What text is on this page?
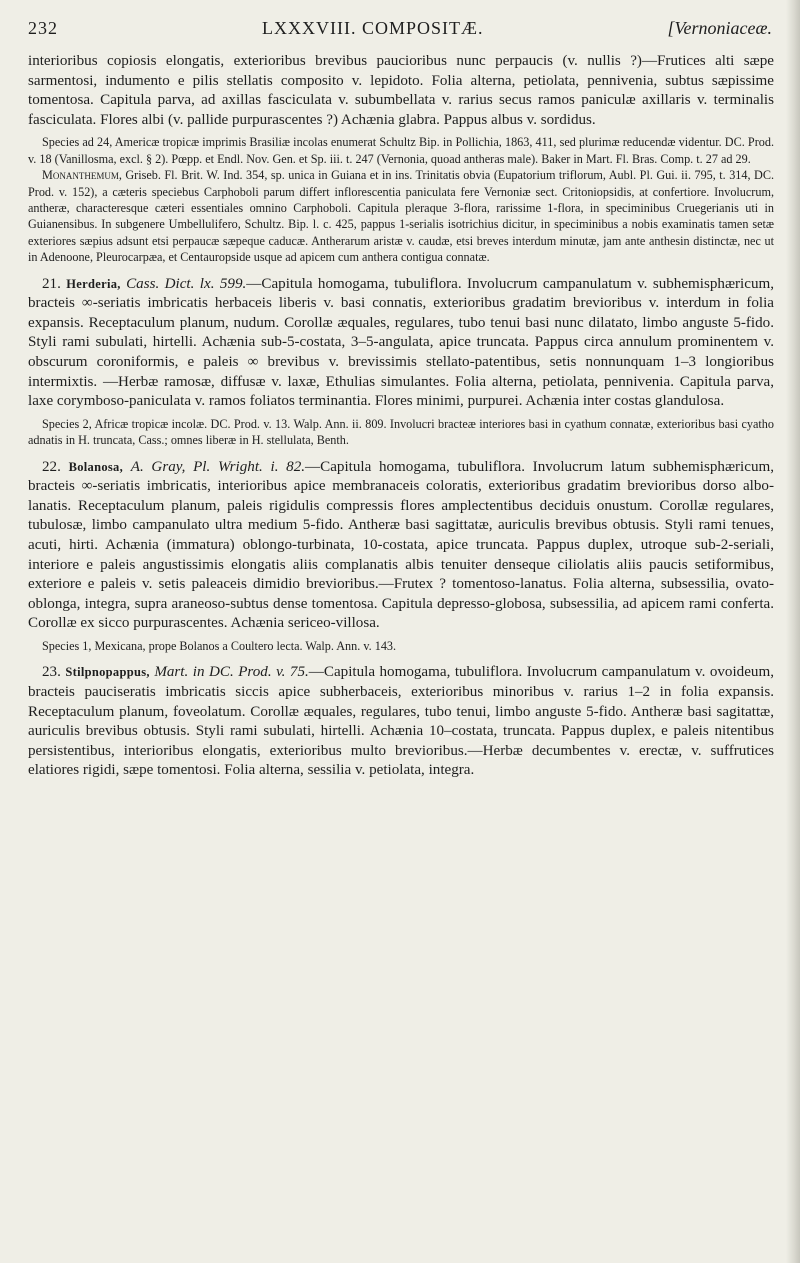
232	LXXXVIII. COMPOSITÆ.	[Vernoniaceæ.

interioribus copiosis elongatis, exterioribus brevibus paucioribus nunc perpaucis (v. nullis ?)—Frutices alti sæpe sarmentosi, indumento e pilis stellatis composito v. lepidoto. Folia alterna, petiolata, pennivenia, subtus sæpissime tomentosa. Capitula parva, ad axillas fasciculata v. subumbellata v. rarius secus ramos paniculæ axillaris v. terminalis fasciculata. Flores albi (v. pallide purpurascentes ?) Achænia glabra. Pappus albus v. sordidus.

Species ad 24, Americæ tropicæ imprimis Brasiliæ incolas enumerat Schultz Bip. in Pollichia, 1863, 411, sed plurimæ reducendæ videntur. DC. Prod. v. 18 (Vanillosma, excl. § 2). Pœpp. et Endl. Nov. Gen. et Sp. iii. t. 247 (Vernonia, quoad antheras male). Baker in Mart. Fl. Bras. Comp. t. 27 ad 29.

Monanthemum, Griseb. Fl. Brit. W. Ind. 354, sp. unica in Guiana et in ins. Trinitatis obvia (Eupatorium triflorum, Aubl. Pl. Gui. ii. 795, t. 314, DC. Prod. v. 152), a cæteris speciebus Carphoboli parum differt inflorescentia paniculata fere Vernoniæ sect. Critoniopsidis, at confertiore. Involucrum, antheræ, characteresque cæteri essentiales omnino Carphoboli. Capitula pleraque 3-flora, rarissime 1-flora, in speciminibus Cruegerianis uti in Guianensibus. In subgenere Umbellulifero, Schultz. Bip. l. c. 425, pappus 1-serialis isotrichius dicitur, in speciminibus a nobis examinatis tamen setæ exteriores sæpius adsunt etsi perpaucæ sæpeque caducæ. Antherarum aristæ v. caudæ, etsi breves interdum minutæ, jam ante anthesin distinctæ, nec ut in Adenoone, Pleurocarpæa, et Centauropside usque ad apicem cum anthera contigua connatæ.

21. Herderia, Cass. Dict. lx. 599.—Capitula homogama, tubuliflora. Involucrum campanulatum v. subhemisphæricum, bracteis ∞-seriatis imbricatis herbaceis liberis v. basi connatis, exterioribus gradatim brevioribus v. interdum in folia expansis. Receptaculum planum, nudum. Corollæ æquales, regulares, tubo tenui basi nunc dilatato, limbo anguste 5-fido. Styli rami subulati, hirtelli. Achænia sub-5-costata, 3–5-angulata, apice truncata. Pappus circa annulum prominentem v. obscurum coroniformis, e paleis ∞ brevibus v. brevissimis stellato-patentibus, setis nonnunquam 1–3 longioribus intermixtis. —Herbæ ramosæ, diffusæ v. laxæ, Ethulias simulantes. Folia alterna, petiolata, pennivenia. Capitula parva, laxe corymboso-paniculata v. ramos foliatos terminantia. Flores minimi, purpurei. Achænia inter costas glandulosa.

Species 2, Africæ tropicæ incolæ. DC. Prod. v. 13. Walp. Ann. ii. 809. Involucri bracteæ interiores basi in cyathum connatæ, exterioribus basi cyatho adnatis in H. truncata, Cass.; omnes liberæ in H. stellulata, Benth.

22. Bolanosa, A. Gray, Pl. Wright. i. 82.—Capitula homogama, tubuliflora. Involucrum latum subhemisphæricum, bracteis ∞-seriatis imbricatis, interioribus apice membranaceis coloratis, exterioribus gradatim brevioribus dorso albo-lanatis. Receptaculum planum, paleis rigidulis compressis flores amplectentibus deciduis onustum. Corollæ regulares, tubulosæ, limbo campanulato ultra medium 5-fido. Antheræ basi sagittatæ, auriculis brevibus obtusis. Styli rami tenues, acuti, hirti. Achænia (immatura) oblongo-turbinata, 10-costata, apice truncata. Pappus duplex, utroque sub-2-seriali, interiore e paleis angustissimis elongatis aliis complanatis albis tenuiter denseque ciliolatis aliis paucis setiformibus, exteriore e paleis v. setis paleaceis dimidio brevioribus.—Frutex ? tomentoso-lanatus. Folia alterna, subsessilia, ovato-oblonga, integra, supra araneoso-subtus dense tomentosa. Capitula depresso-globosa, subsessilia, ad apicem rami conferta. Corollæ ex sicco purpurascentes. Achænia sericeo-villosa.

Species 1, Mexicana, prope Bolanos a Coultero lecta. Walp. Ann. v. 143.

23. Stilpnopappus, Mart. in DC. Prod. v. 75.—Capitula homogama, tubuliflora. Involucrum campanulatum v. ovoideum, bracteis pauciseratis imbricatis siccis apice subherbaceis, exterioribus minoribus v. rarius 1–2 in folia expansis. Receptaculum planum, foveolatum. Corollæ æquales, regulares, tubo tenui, limbo anguste 5-fido. Antheræ basi sagitattæ, auriculis brevibus obtusis. Styli rami subulati, hirtelli. Achænia 10–costata, truncata. Pappus duplex, e paleis nitentibus persistentibus, interioribus elongatis, exterioribus multo brevioribus.—Herbæ decumbentes v. erectæ, v. suffrutices elatiores rigidi, sæpe tomentosi. Folia alterna, sessilia v. petiolata, integra.
